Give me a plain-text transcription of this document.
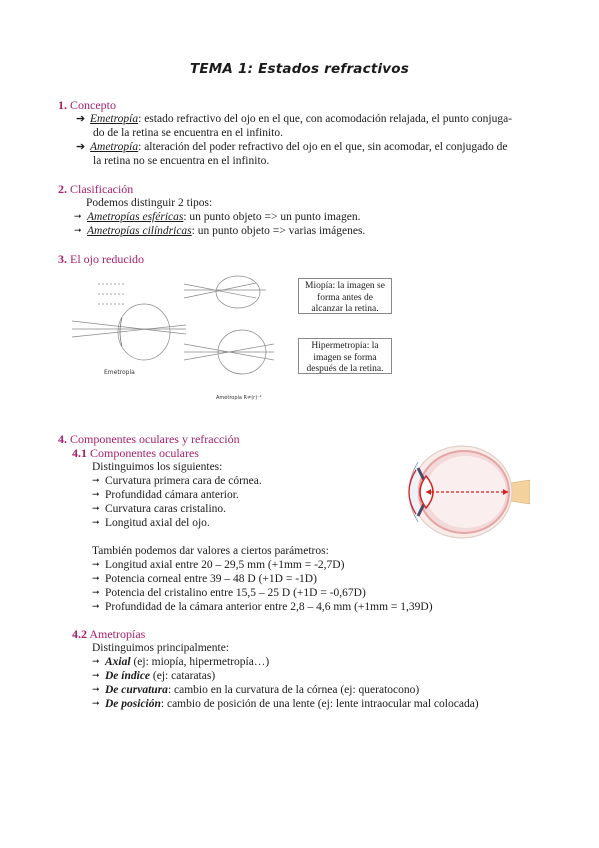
TEMA 1: Estados refractivos
1. Concepto
➔ Emetropía: estado refractivo del ojo en el que, con acomodación relajada, el punto conjuga-
do de la retina se encuentra en el infinito.
➔ Ametropía: alteración del poder refractivo del ojo en el que, sin acomodar, el conjugado de
la retina no se encuentra en el infinito.
2. Clasificación
Podemos distinguir 2 tipos:
➞ Ametropías esféricas: un punto objeto => un punto imagen.
➞ Ametropías cilíndricas: un punto objeto => varias imágenes.
3. El ojo reducido
Emetropía
Ametropía R≠(r)⁻¹
Miopía: la imagen se forma antes de alcanzar la retina.
Hipermetropía: la imagen se forma después de la retina.
4. Componentes oculares y refracción
4.1 Componentes oculares
Distinguimos los siguientes:
➞ Curvatura primera cara de córnea.
➞ Profundidad cámara anterior.
➞ Curvatura caras cristalino.
➞ Longitud axial del ojo.
También podemos dar valores a ciertos parámetros:
➞ Longitud axial entre 20 – 29,5 mm (+1mm = -2,7D)
➞ Potencia corneal entre 39 – 48 D (+1D = -1D)
➞ Potencia del cristalino entre 15,5 – 25 D (+1D = -0,67D)
➞ Profundidad de la cámara anterior entre 2,8 – 4,6 mm (+1mm = 1,39D)
4.2 Ametropías
Distinguimos principalmente:
➞ Axial (ej: miopía, hipermetropía…)
➞ De índice (ej: cataratas)
➞ De curvatura: cambio en la curvatura de la córnea (ej: queratocono)
➞ De posición: cambio de posición de una lente (ej: lente intraocular mal colocada)
